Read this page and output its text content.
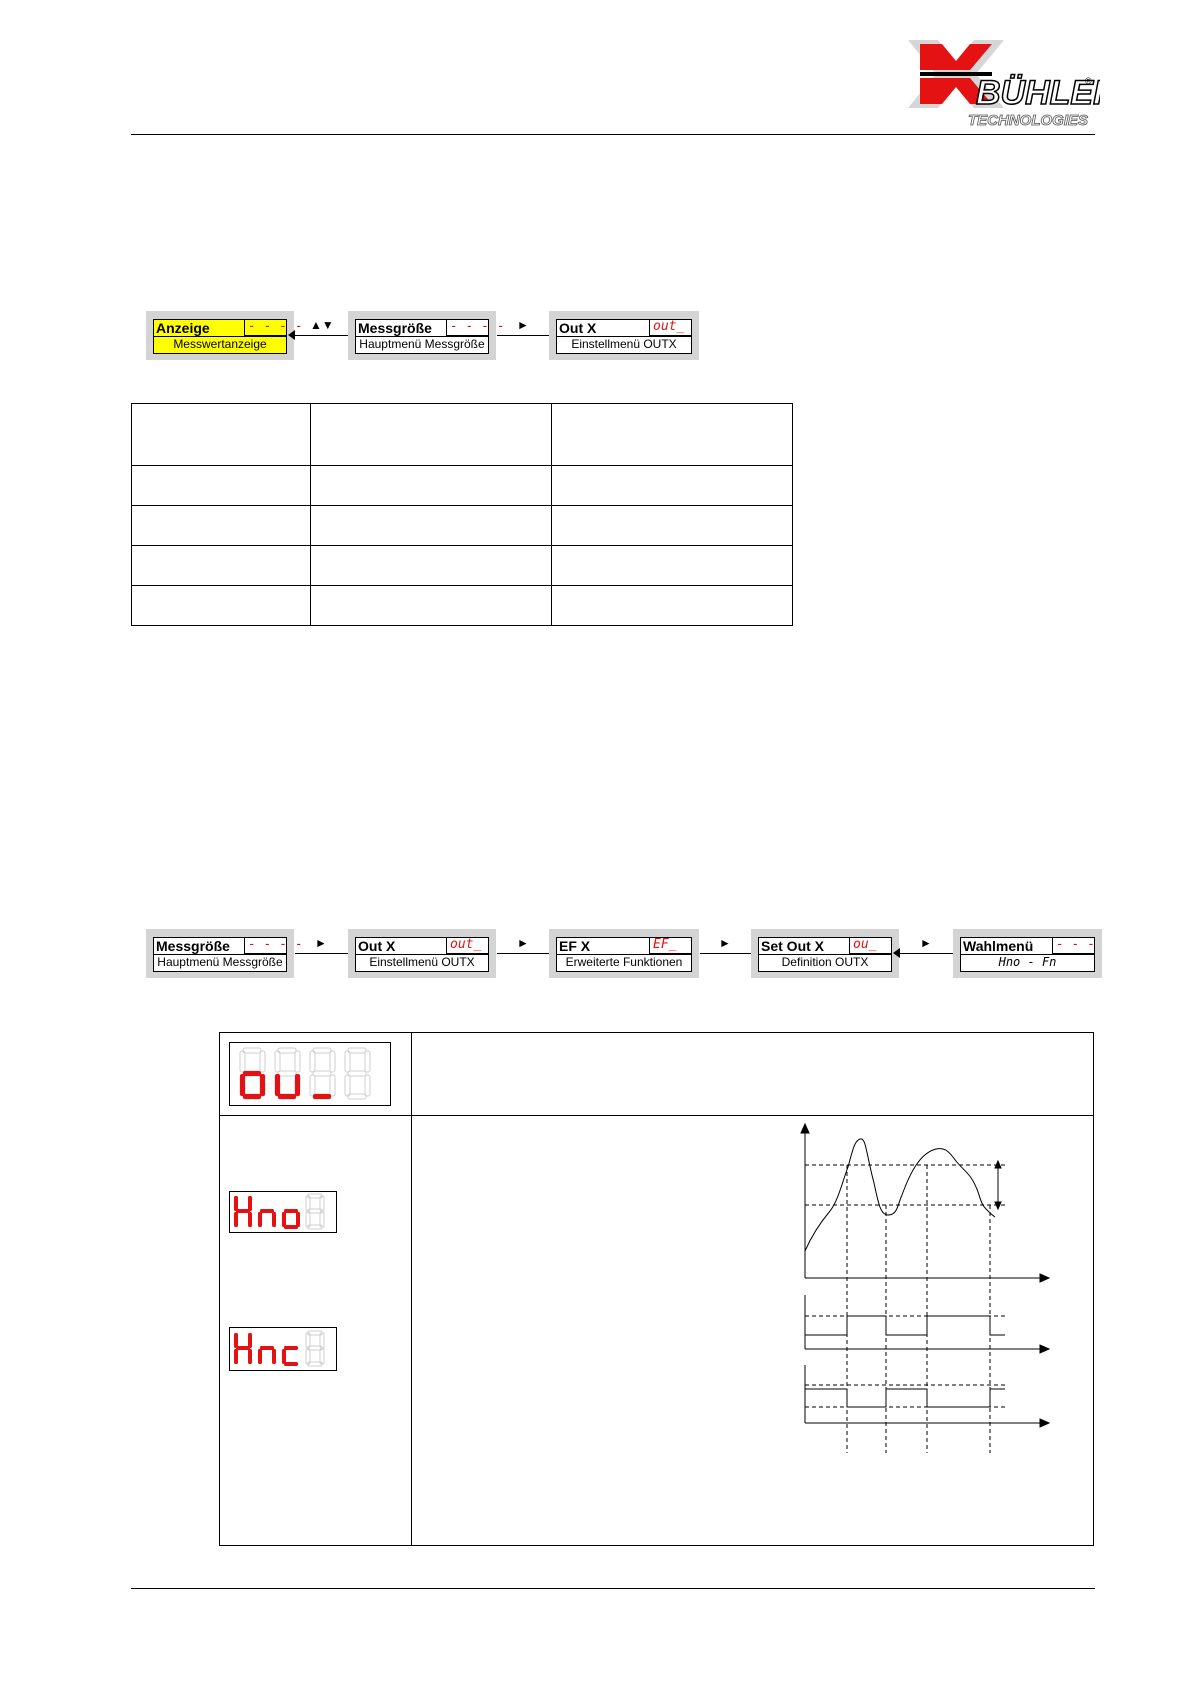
BÜHLE
®
TECHNOLOGIES
Anzeige	- - - -
Messwertanzeige
▲▼ Messgröße	- - - -
Hauptmenü Messgröße
► Out X	out_
Einstellmenü OUTX

Messgröße	- - - -
Hauptmenü Messgröße
► Out X	out_
Einstellmenü OUTX
► EF X	EF_
Erweiterte Funktionen
► Set Out X	ou_
Definition OUTX
► Wahlmenü	- - -
Hno - Fn
